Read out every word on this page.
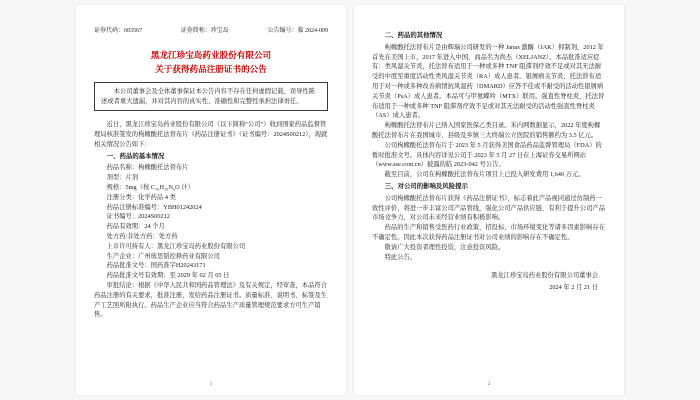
证券代码：603567	证券简称：珍宝岛	公告编号：临 2024-009
黑龙江珍宝岛药业股份有限公司
关于获得药品注册证书的公告
本公司董事会及全体董事保证本公告内容不存在任何虚假记载、误导性陈述或者重大遗漏，并对其内容的真实性、准确性和完整性承担法律责任。
近日，黑龙江珍宝岛药业股份有限公司（以下简称“公司”）收到国家药品监督管理局核准签发的枸橼酸托法替布片《药品注册证书》（证书编号：2024S00212），现就相关情况公告如下：
一、药品的基本情况
药品名称：枸橼酸托法替布片
剂型：片剂
规格：5mg（按 C₁₆H₂₀N₆O 计）
注册分类：化学药品 4 类
药品注册标准编号：YBH01242024
证书编号：2024S00212
药品有效期：24 个月
处方药/非处方药：处方药
上市许可持有人：黑龙江珍宝岛药业股份有限公司
生产企业：广州玻思韬控释药业有限公司
药品批准文号：国药准字H20243171
药品批准文号有效期：至 2029 年 02 月 05 日
审批结论：根据《中华人民共和国药品管理法》及有关规定，经审查，本品符合药品注册的有关要求，批准注册，发给药品注册证书。质量标准、说明书、标签及生产工艺照所附执行。药品生产企业应当符合药品生产质量管理规范要求方可生产销售。
1
二、药品的其他情况
枸橼酸托法替布片是由辉瑞公司研发的一种 Janus 激酶（JAK）抑制剂，2012 年首先在美国上市，2017 年进入中国，商品名为尚杰（XELJANZ）。本品批准适应症有：类风湿关节炎，托法替布适用于一种或多种 TNF 阻滞剂疗效不足或对其无法耐受的中度至重度活动性类风湿关节炎（RA）成人患者。银屑病关节炎，托法替布适用于对一种或多种改善病情抗风湿药（DMARD）应答不佳或不耐受的活动性银屑病关节炎（PsA）成人患者。本品可与甲氨蝶呤（MTX）联用。强直性脊柱炎，托法替布适用于一种或多种 TNF 阻滞剂疗效不足或对其无法耐受的活动性强直性脊柱炎（AS）成人患者。
枸橼酸托法替布片已纳入国家医保乙类目录。米内网数据显示，2022 年度枸橼酸托法替布片在我国城市、县级及乡镇三大终端公立医院的销售额约为 3.5 亿元。
公司枸橼酸托法替布片于 2023 年 5 月获得美国食品药品监督管理局（FDA）的暂时批准文号。具体内容详见公司于 2023 年 5 月 27 日在上海证券交易所网站（www.sse.com.cn）披露的临 2023-042 号公告。
截至目前，公司在枸橼酸托法替布片项目上已投入研发费用 1,640 万元。
三、对公司的影响及风险提示
公司枸橼酸托法替布片获得《药品注册证书》，标志着此产品视同通过仿制药一致性评价，将进一步丰富公司产品管线，强化公司产品供应链，有利于提升公司产品市场竞争力，对公司未来经营业绩有积极影响。
药品的生产和销售受医药行业政策、招投标、市场环境变化等诸多因素影响存在不确定性。因此本次获得药品注册证书对公司业绩的影响存在不确定性。
敬请广大投资者理性投资，注意投资风险。
特此公告。
黑龙江珍宝岛药业股份有限公司董事会
2024 年 2 月 21 日
2
